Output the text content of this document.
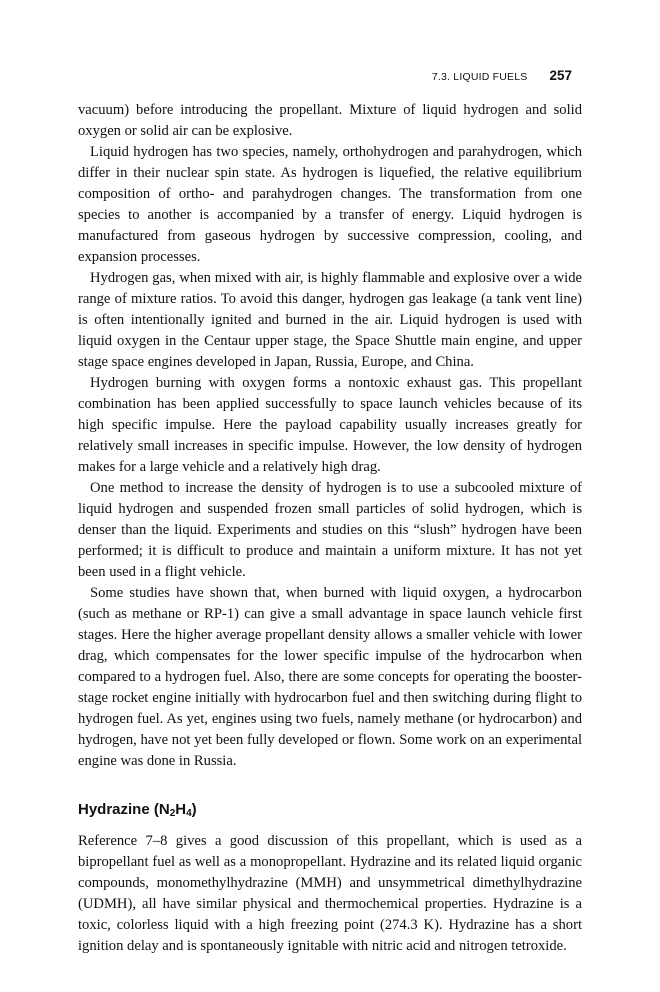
7.3. LIQUID FUELS 257

vacuum) before introducing the propellant. Mixture of liquid hydrogen and solid oxygen or solid air can be explosive.

Liquid hydrogen has two species, namely, orthohydrogen and parahydrogen, which differ in their nuclear spin state. As hydrogen is liquefied, the relative equilibrium composition of ortho- and parahydrogen changes. The transformation from one species to another is accompanied by a transfer of energy. Liquid hydrogen is manufactured from gaseous hydrogen by successive compression, cooling, and expansion processes.

Hydrogen gas, when mixed with air, is highly flammable and explosive over a wide range of mixture ratios. To avoid this danger, hydrogen gas leakage (a tank vent line) is often intentionally ignited and burned in the air. Liquid hydrogen is used with liquid oxygen in the Centaur upper stage, the Space Shuttle main engine, and upper stage space engines developed in Japan, Russia, Europe, and China.

Hydrogen burning with oxygen forms a nontoxic exhaust gas. This propellant combination has been applied successfully to space launch vehicles because of its high specific impulse. Here the payload capability usually increases greatly for relatively small increases in specific impulse. However, the low density of hydrogen makes for a large vehicle and a relatively high drag.

One method to increase the density of hydrogen is to use a subcooled mixture of liquid hydrogen and suspended frozen small particles of solid hydrogen, which is denser than the liquid. Experiments and studies on this “slush” hydrogen have been performed; it is difficult to produce and maintain a uniform mixture. It has not yet been used in a flight vehicle.

Some studies have shown that, when burned with liquid oxygen, a hydrocarbon (such as methane or RP-1) can give a small advantage in space launch vehicle first stages. Here the higher average propellant density allows a smaller vehicle with lower drag, which compensates for the lower specific impulse of the hydrocarbon when compared to a hydrogen fuel. Also, there are some concepts for operating the booster-stage rocket engine initially with hydrocarbon fuel and then switching during flight to hydrogen fuel. As yet, engines using two fuels, namely methane (or hydrocarbon) and hydrogen, have not yet been fully developed or flown. Some work on an experimental engine was done in Russia.

Hydrazine $(N_2H_4)$

Reference 7–8 gives a good discussion of this propellant, which is used as a bipropellant fuel as well as a monopropellant. Hydrazine and its related liquid organic compounds, monomethylhydrazine (MMH) and unsymmetrical dimethylhydrazine (UDMH), all have similar physical and thermochemical properties. Hydrazine is a toxic, colorless liquid with a high freezing point (274.3 K). Hydrazine has a short ignition delay and is spontaneously ignitable with nitric acid and nitrogen tetroxide.
